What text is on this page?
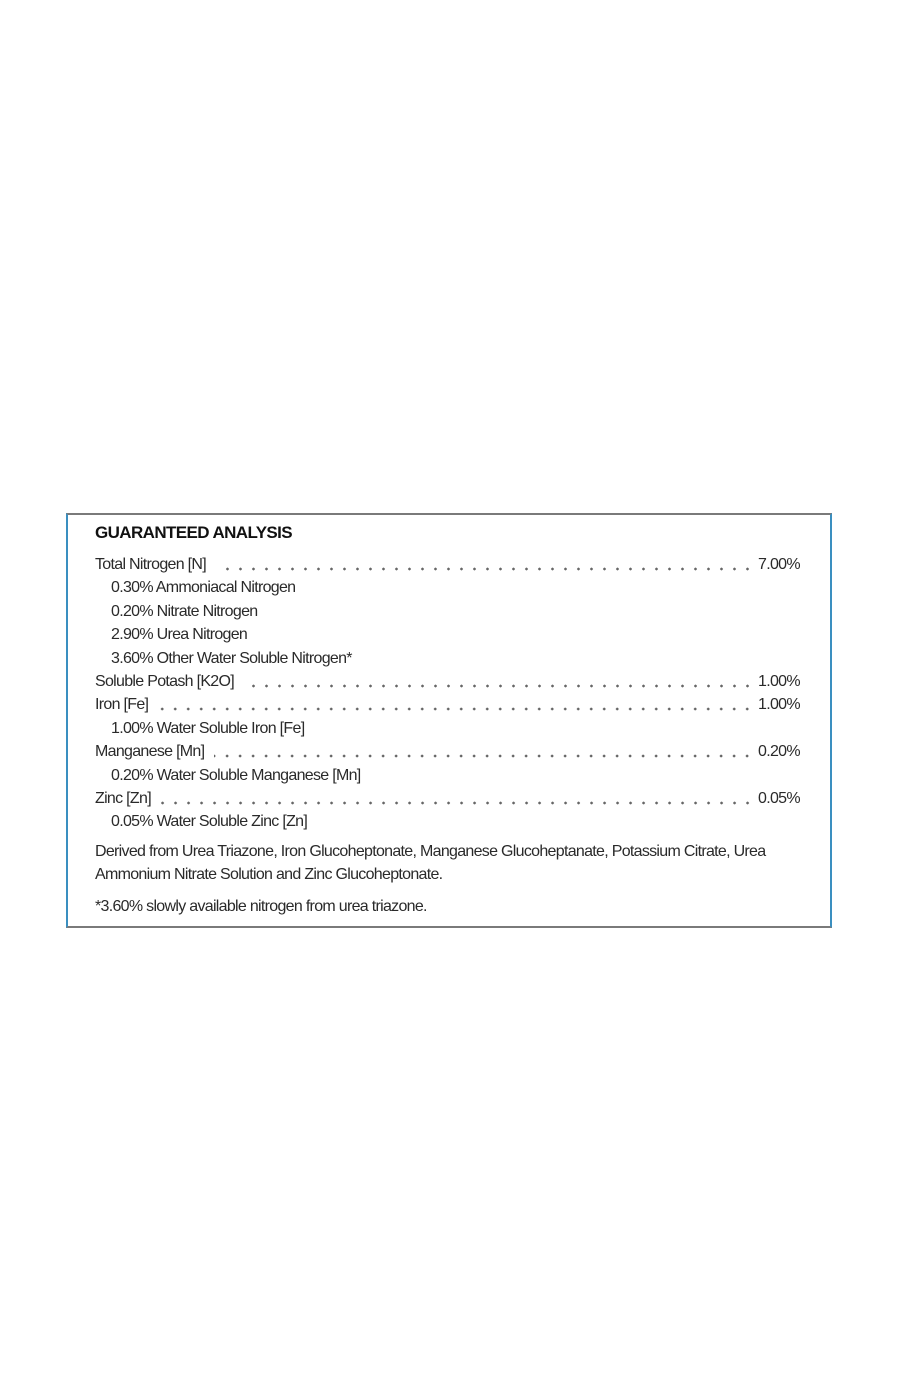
GUARANTEED ANALYSIS
Total Nitrogen [N]	7.00%
0.30% Ammoniacal Nitrogen
0.20% Nitrate Nitrogen
2.90% Urea Nitrogen
3.60% Other Water Soluble Nitrogen*
Soluble Potash [K2O]	1.00%
Iron [Fe]	1.00%
1.00% Water Soluble Iron [Fe]
Manganese [Mn]	0.20%
0.20% Water Soluble Manganese [Mn]
Zinc [Zn]	0.05%
0.05% Water Soluble Zinc [Zn]
Derived from Urea Triazone, Iron Glucoheptonate, Manganese Glucoheptanate, Potassium Citrate, Urea Ammonium Nitrate Solution and Zinc Glucoheptonate.
*3.60% slowly available nitrogen from urea triazone.
